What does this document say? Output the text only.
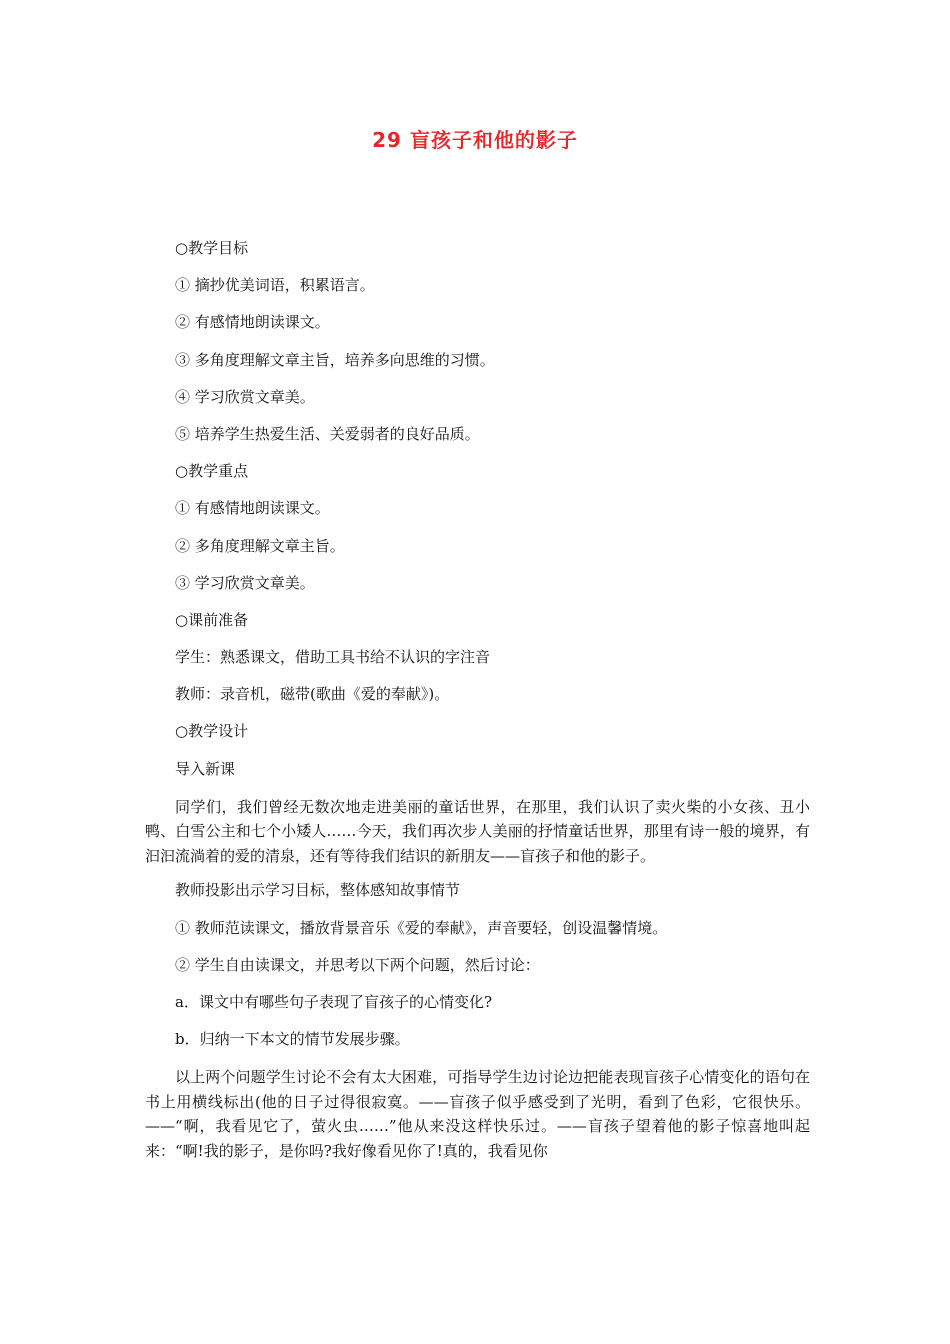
29 盲孩子和他的影子
○教学目标
① 摘抄优美词语，积累语言。
② 有感情地朗读课文。
③ 多角度理解文章主旨，培养多向思维的习惯。
④ 学习欣赏文章美。
⑤ 培养学生热爱生活、关爱弱者的良好品质。
○教学重点
① 有感情地朗读课文。
② 多角度理解文章主旨。
③ 学习欣赏文章美。
○课前准备
学生：熟悉课文，借助工具书给不认识的字注音
教师：录音机，磁带(歌曲《爱的奉献》)。
○教学设计
导入新课
同学们，我们曾经无数次地走进美丽的童话世界，在那里，我们认识了卖火柴的小女孩、丑小鸭、白雪公主和七个小矮人……今天，我们再次步人美丽的抒情童话世界，那里有诗一般的境界，有汩汩流淌着的爱的清泉，还有等待我们结识的新朋友——盲孩子和他的影子。
教师投影出示学习目标，整体感知故事情节
① 教师范读课文，播放背景音乐《爱的奉献》，声音要轻，创设温馨情境。
② 学生自由读课文，并思考以下两个问题，然后讨论：
a．课文中有哪些句子表现了盲孩子的心情变化?
b．归纳一下本文的情节发展步骤。
以上两个问题学生讨论不会有太大困难，可指导学生边讨论边把能表现盲孩子心情变化的语句在书上用横线标出(他的日子过得很寂寞。——盲孩子似乎感受到了光明，看到了色彩，它很快乐。——“啊，我看见它了，萤火虫……”他从来没这样快乐过。——盲孩子望着他的影子惊喜地叫起来：“啊!我的影子，是你吗?我好像看见你了!真的，我看见你
